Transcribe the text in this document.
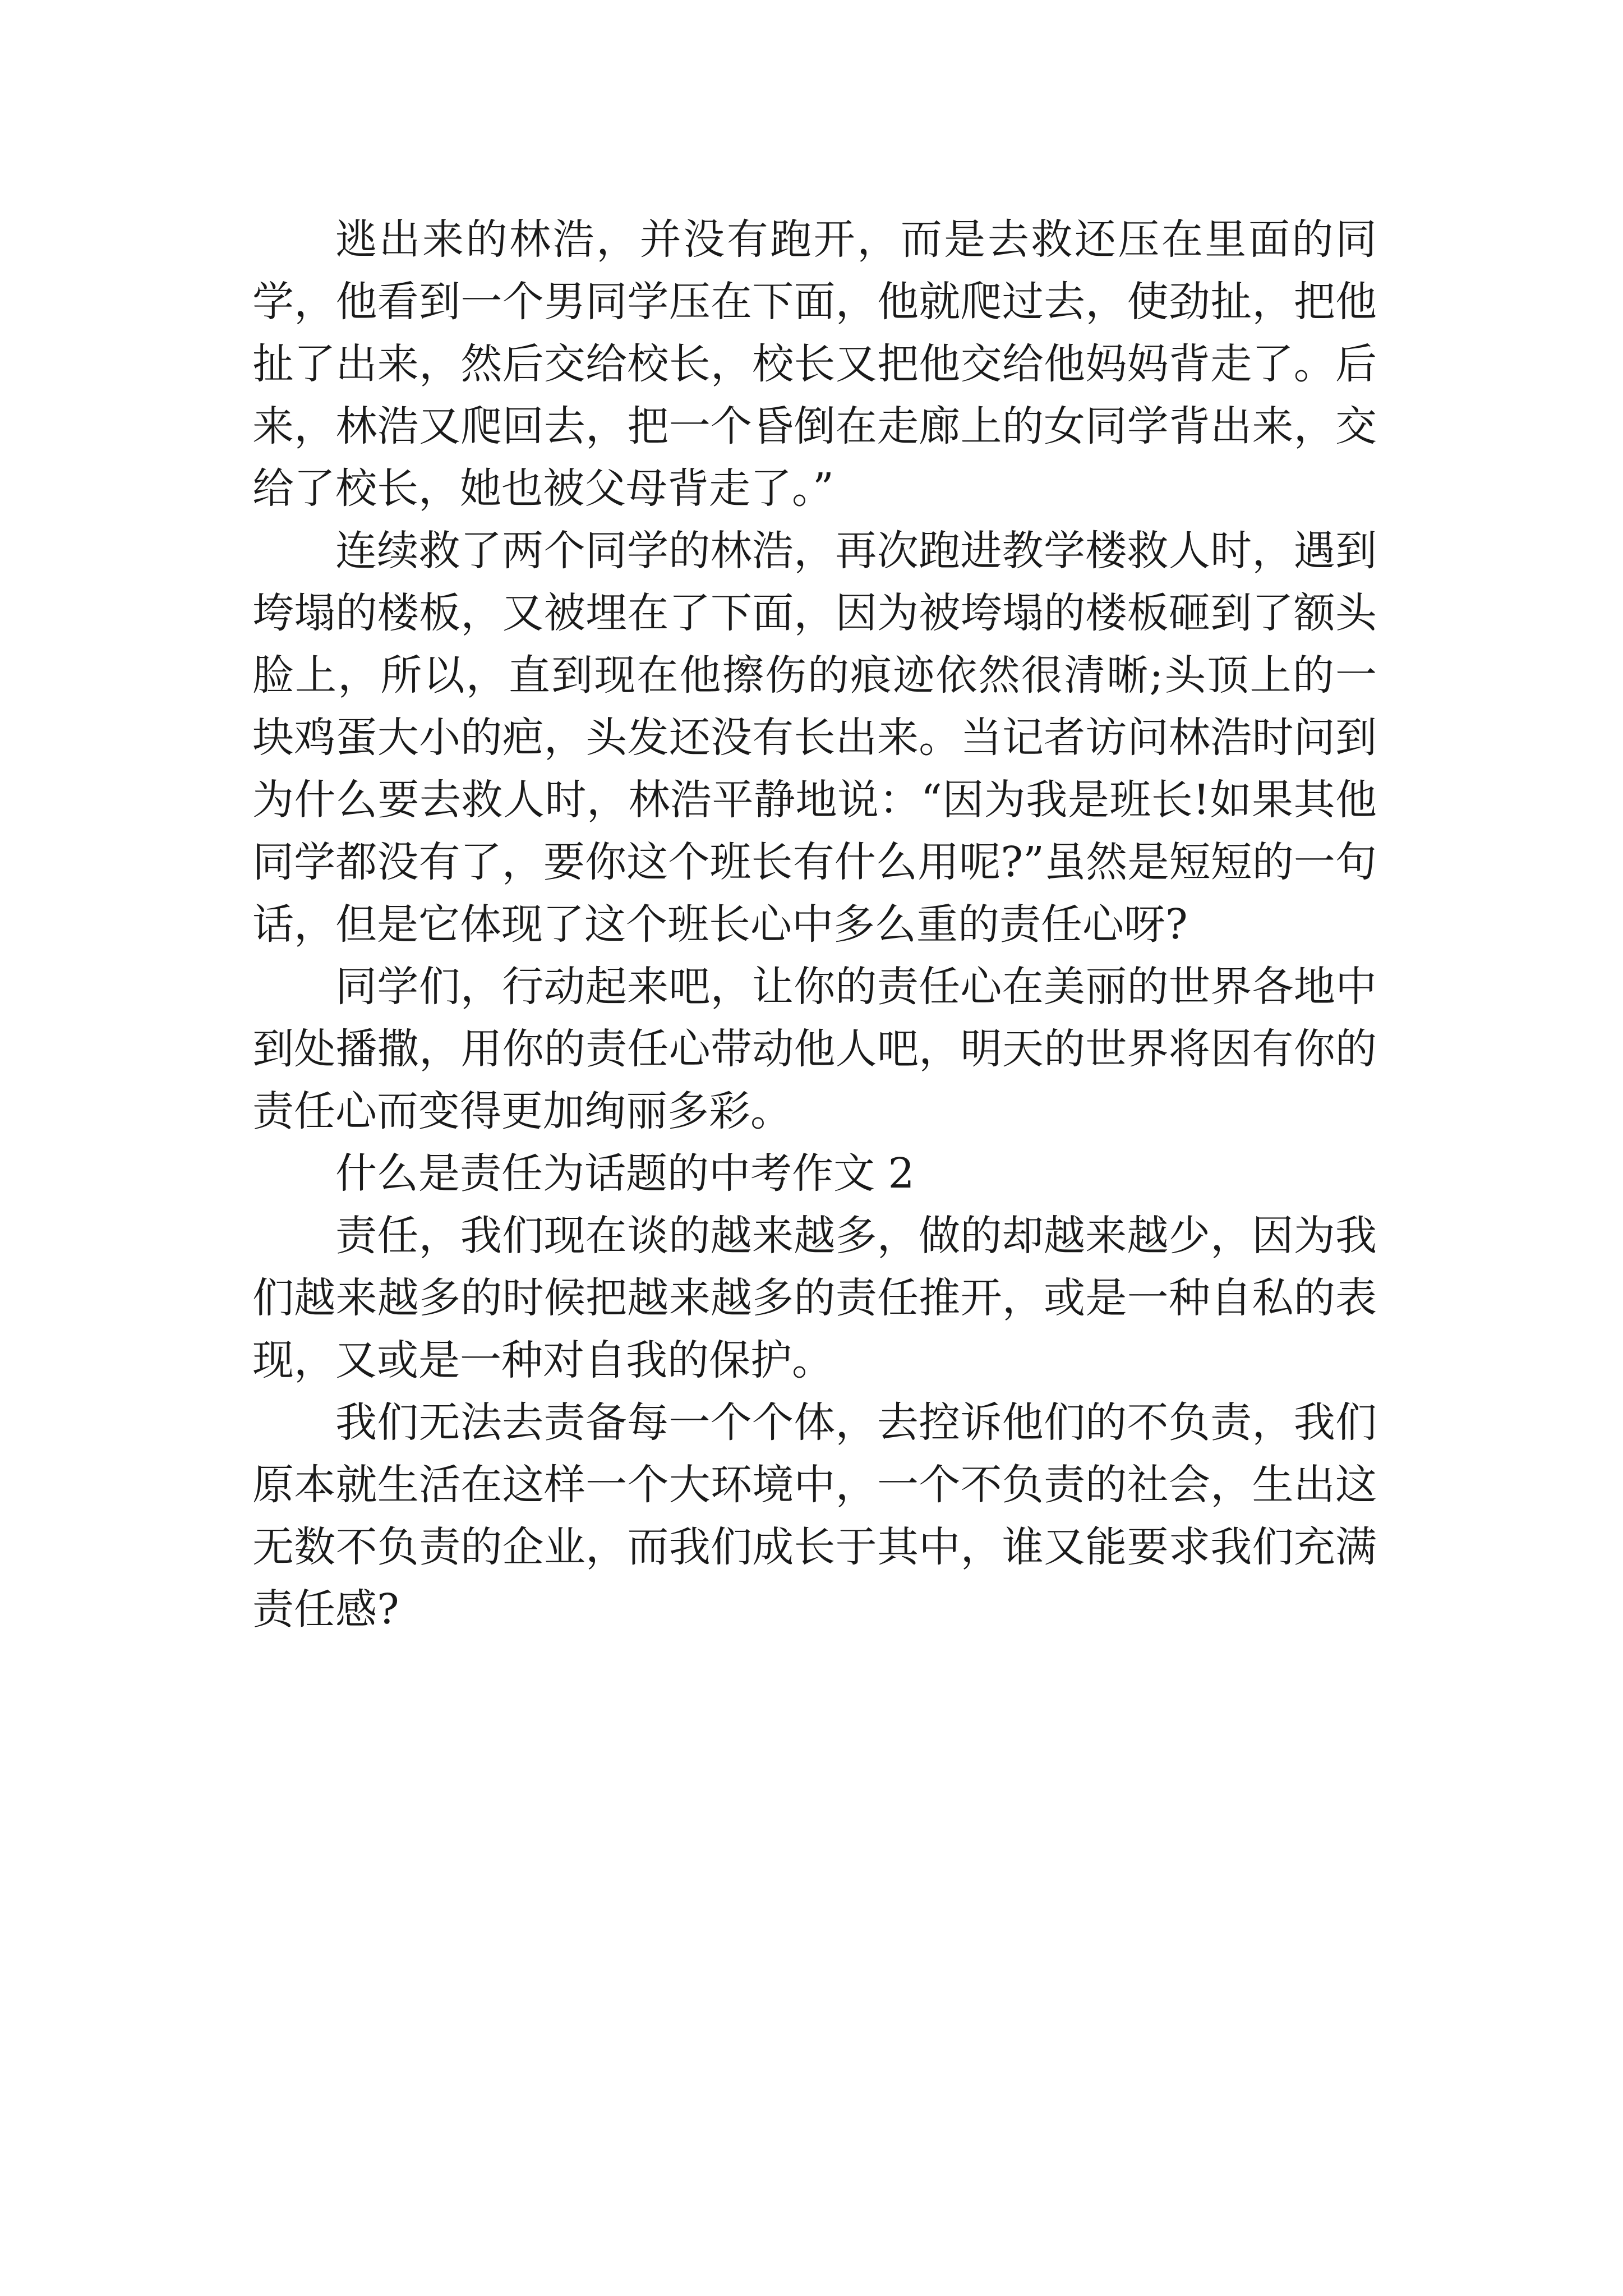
逃出来的林浩，并没有跑开，而是去救还压在里面的同学，他看到一个男同学压在下面，他就爬过去，使劲扯，把他扯了出来，然后交给校长，校长又把他交给他妈妈背走了。后来，林浩又爬回去，把一个昏倒在走廊上的女同学背出来，交给了校长，她也被父母背走了。”

连续救了两个同学的林浩，再次跑进教学楼救人时，遇到垮塌的楼板，又被埋在了下面，因为被垮塌的楼板砸到了额头脸上，所以，直到现在他擦伤的痕迹依然很清晰;头顶上的一块鸡蛋大小的疤，头发还没有长出来。当记者访问林浩时问到为什么要去救人时，林浩平静地说：“因为我是班长!如果其他同学都没有了，要你这个班长有什么用呢?”虽然是短短的一句话，但是它体现了这个班长心中多么重的责任心呀?

同学们，行动起来吧，让你的责任心在美丽的世界各地中到处播撒，用你的责任心带动他人吧，明天的世界将因有你的责任心而变得更加绚丽多彩。

什么是责任为话题的中考作文 2

责任，我们现在谈的越来越多，做的却越来越少，因为我们越来越多的时候把越来越多的责任推开，或是一种自私的表现，又或是一种对自我的保护。

我们无法去责备每一个个体，去控诉他们的不负责，我们原本就生活在这样一个大环境中，一个不负责的社会，生出这无数不负责的企业，而我们成长于其中，谁又能要求我们充满责任感?
